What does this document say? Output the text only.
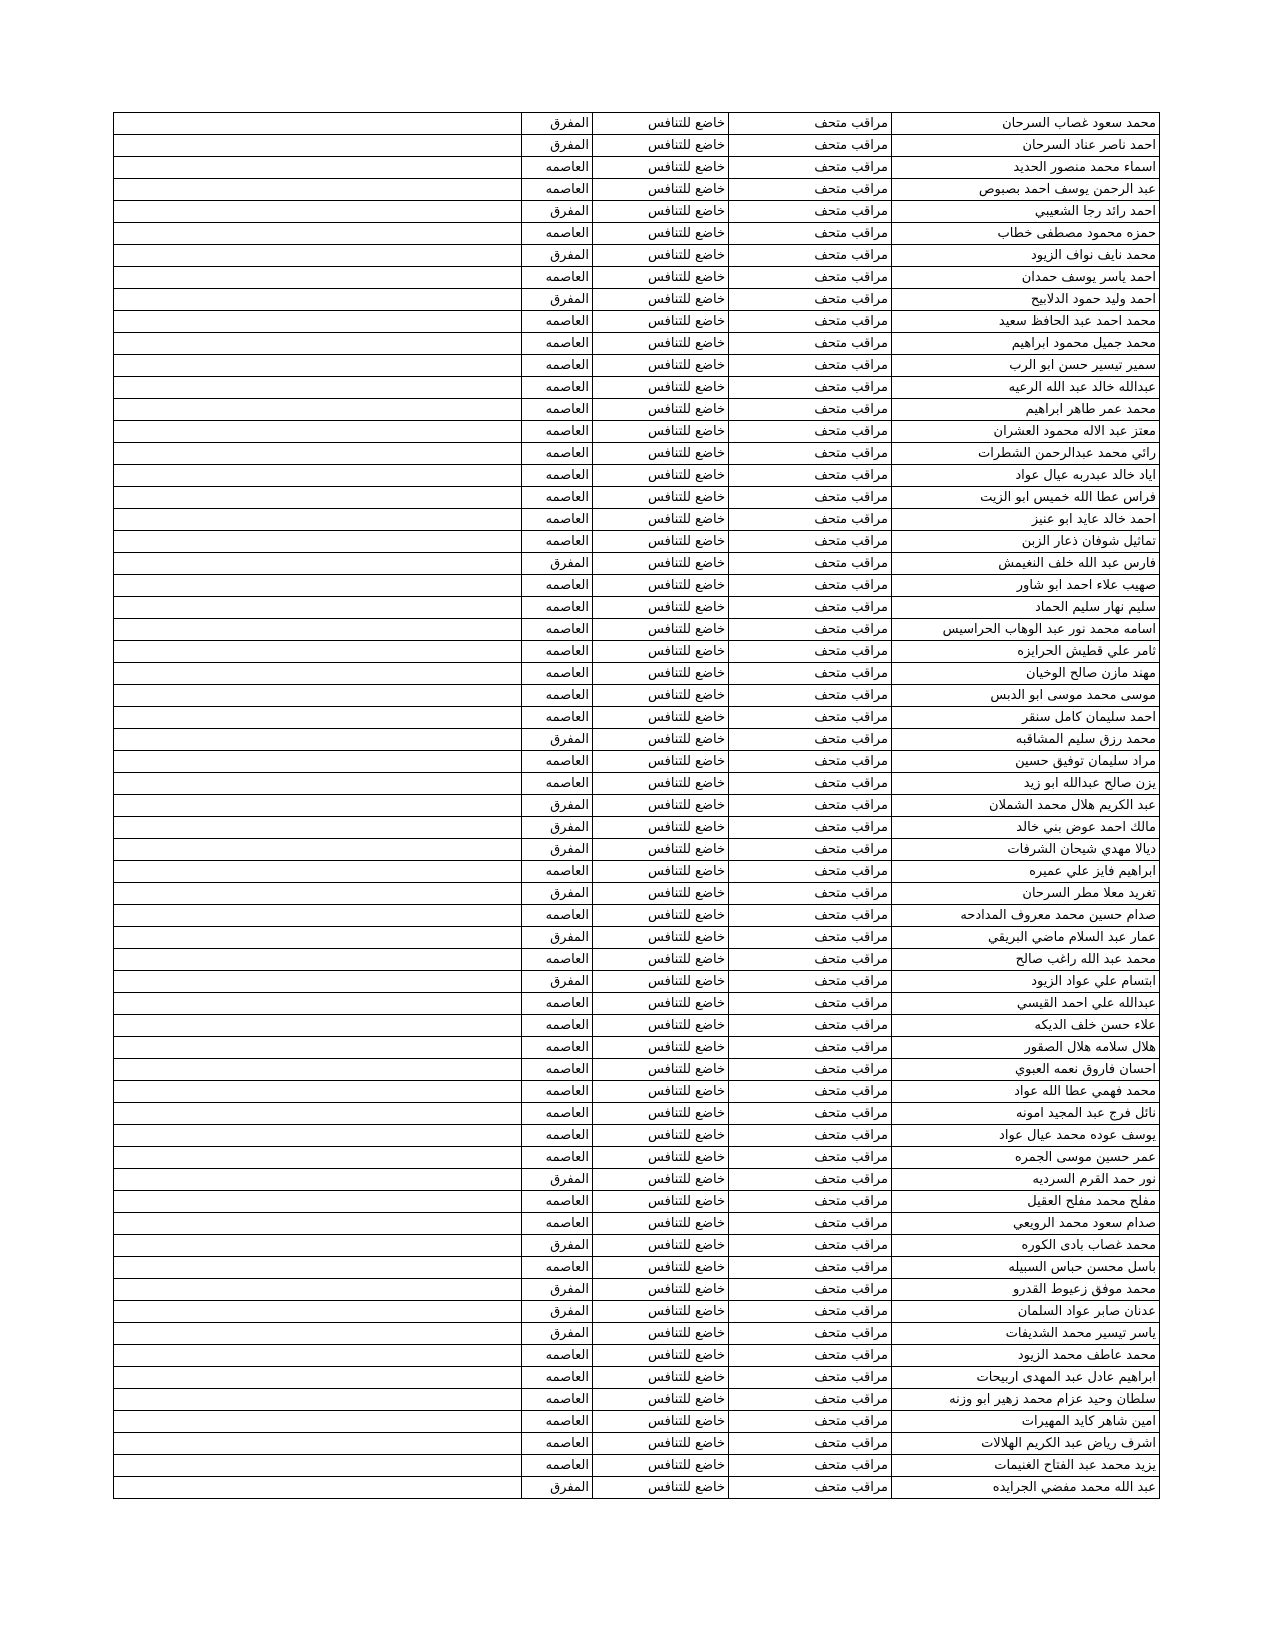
محمد سعود غصاب السرحان	مراقب متحف	خاضع للتنافس	المفرق	
احمد ناصر عناد السرحان	مراقب متحف	خاضع للتنافس	المفرق	
اسماء محمد منصور الحديد	مراقب متحف	خاضع للتنافس	العاصمه	
عبد الرحمن يوسف احمد بصبوص	مراقب متحف	خاضع للتنافس	العاصمه	
احمد رائد رجا الشعيبي	مراقب متحف	خاضع للتنافس	المفرق	
حمزه محمود مصطفى خطاب	مراقب متحف	خاضع للتنافس	العاصمه	
محمد نايف نواف الزيود	مراقب متحف	خاضع للتنافس	المفرق	
احمد ياسر يوسف حمدان	مراقب متحف	خاضع للتنافس	العاصمه	
احمد وليد حمود الدلابيح	مراقب متحف	خاضع للتنافس	المفرق	
محمد احمد عبد الحافظ سعيد	مراقب متحف	خاضع للتنافس	العاصمه	
محمد جميل محمود ابراهيم	مراقب متحف	خاضع للتنافس	العاصمه	
سمير تيسير حسن ابو الرب	مراقب متحف	خاضع للتنافس	العاصمه	
عبدالله خالد عبد الله الرعيه	مراقب متحف	خاضع للتنافس	العاصمه	
محمد عمر طاهر ابراهيم	مراقب متحف	خاضع للتنافس	العاصمه	
معتز عبد الاله محمود العشران	مراقب متحف	خاضع للتنافس	العاصمه	
رائي محمد عبدالرحمن الشطرات	مراقب متحف	خاضع للتنافس	العاصمه	
اياد خالد عبدربه عيال عواد	مراقب متحف	خاضع للتنافس	العاصمه	
فراس عطا الله خميس ابو الزيت	مراقب متحف	خاضع للتنافس	العاصمه	
احمد خالد عايد ابو عنيز	مراقب متحف	خاضع للتنافس	العاصمه	
تماثيل شوفان ذعار الزبن	مراقب متحف	خاضع للتنافس	العاصمه	
فارس عبد الله خلف النغيمش	مراقب متحف	خاضع للتنافس	المفرق	
صهيب علاء احمد ابو شاور	مراقب متحف	خاضع للتنافس	العاصمه	
سليم نهار سليم الحماد	مراقب متحف	خاضع للتنافس	العاصمه	
اسامه محمد نور عبد الوهاب الحراسيس	مراقب متحف	خاضع للتنافس	العاصمه	
ثامر علي قطيش الحرايزه	مراقب متحف	خاضع للتنافس	العاصمه	
مهند مازن صالح الوخيان	مراقب متحف	خاضع للتنافس	العاصمه	
موسى محمد موسى ابو الدبس	مراقب متحف	خاضع للتنافس	العاصمه	
احمد سليمان كامل سنقر	مراقب متحف	خاضع للتنافس	العاصمه	
محمد رزق سليم المشاقبه	مراقب متحف	خاضع للتنافس	المفرق	
مراد سليمان توفيق حسين	مراقب متحف	خاضع للتنافس	العاصمه	
يزن صالح عبدالله ابو زيد	مراقب متحف	خاضع للتنافس	العاصمه	
عبد الكريم هلال محمد الشملان	مراقب متحف	خاضع للتنافس	المفرق	
مالك احمد عوض بني خالد	مراقب متحف	خاضع للتنافس	المفرق	
ديالا مهدي شيحان الشرفات	مراقب متحف	خاضع للتنافس	المفرق	
ابراهيم فايز علي عميره	مراقب متحف	خاضع للتنافس	العاصمه	
تغريد معلا مطر السرحان	مراقب متحف	خاضع للتنافس	المفرق	
صدام حسين محمد معروف المدادحه	مراقب متحف	خاضع للتنافس	العاصمه	
عمار عبد السلام ماضي البريقي	مراقب متحف	خاضع للتنافس	المفرق	
محمد عبد الله راغب صالح	مراقب متحف	خاضع للتنافس	العاصمه	
ابتسام علي عواد الزيود	مراقب متحف	خاضع للتنافس	المفرق	
عبدالله علي احمد القيسي	مراقب متحف	خاضع للتنافس	العاصمه	
علاء حسن خلف الديكه	مراقب متحف	خاضع للتنافس	العاصمه	
هلال سلامه هلال الصقور	مراقب متحف	خاضع للتنافس	العاصمه	
احسان فاروق نعمه العبوي	مراقب متحف	خاضع للتنافس	العاصمه	
محمد فهمي عطا الله عواد	مراقب متحف	خاضع للتنافس	العاصمه	
نائل فرج عبد المجيد امونه	مراقب متحف	خاضع للتنافس	العاصمه	
يوسف عوده محمد عيال عواد	مراقب متحف	خاضع للتنافس	العاصمه	
عمر حسين موسى الجمره	مراقب متحف	خاضع للتنافس	العاصمه	
نور حمد القرم السرديه	مراقب متحف	خاضع للتنافس	المفرق	
مفلح محمد مفلح العقيل	مراقب متحف	خاضع للتنافس	العاصمه	
صدام سعود محمد الرويعي	مراقب متحف	خاضع للتنافس	العاصمه	
محمد غصاب بادى الكوره	مراقب متحف	خاضع للتنافس	المفرق	
باسل محسن حباس السبيله	مراقب متحف	خاضع للتنافس	العاصمه	
محمد موفق زعيوط القدرو	مراقب متحف	خاضع للتنافس	المفرق	
عدنان صابر عواد السلمان	مراقب متحف	خاضع للتنافس	المفرق	
ياسر تيسير محمد الشديفات	مراقب متحف	خاضع للتنافس	المفرق	
محمد عاطف محمد الزيود	مراقب متحف	خاضع للتنافس	العاصمه	
ابراهيم عادل عبد المهدى اربيحات	مراقب متحف	خاضع للتنافس	العاصمه	
سلطان وحيد عزام محمد زهير ابو وزنه	مراقب متحف	خاضع للتنافس	العاصمه	
امين شاهر كايد المهيرات	مراقب متحف	خاضع للتنافس	العاصمه	
اشرف رياض عبد الكريم الهلالات	مراقب متحف	خاضع للتنافس	العاصمه	
يزيد محمد عبد الفتاح الغنيمات	مراقب متحف	خاضع للتنافس	العاصمه	
عبد الله محمد مفضي الجرايده	مراقب متحف	خاضع للتنافس	المفرق	
